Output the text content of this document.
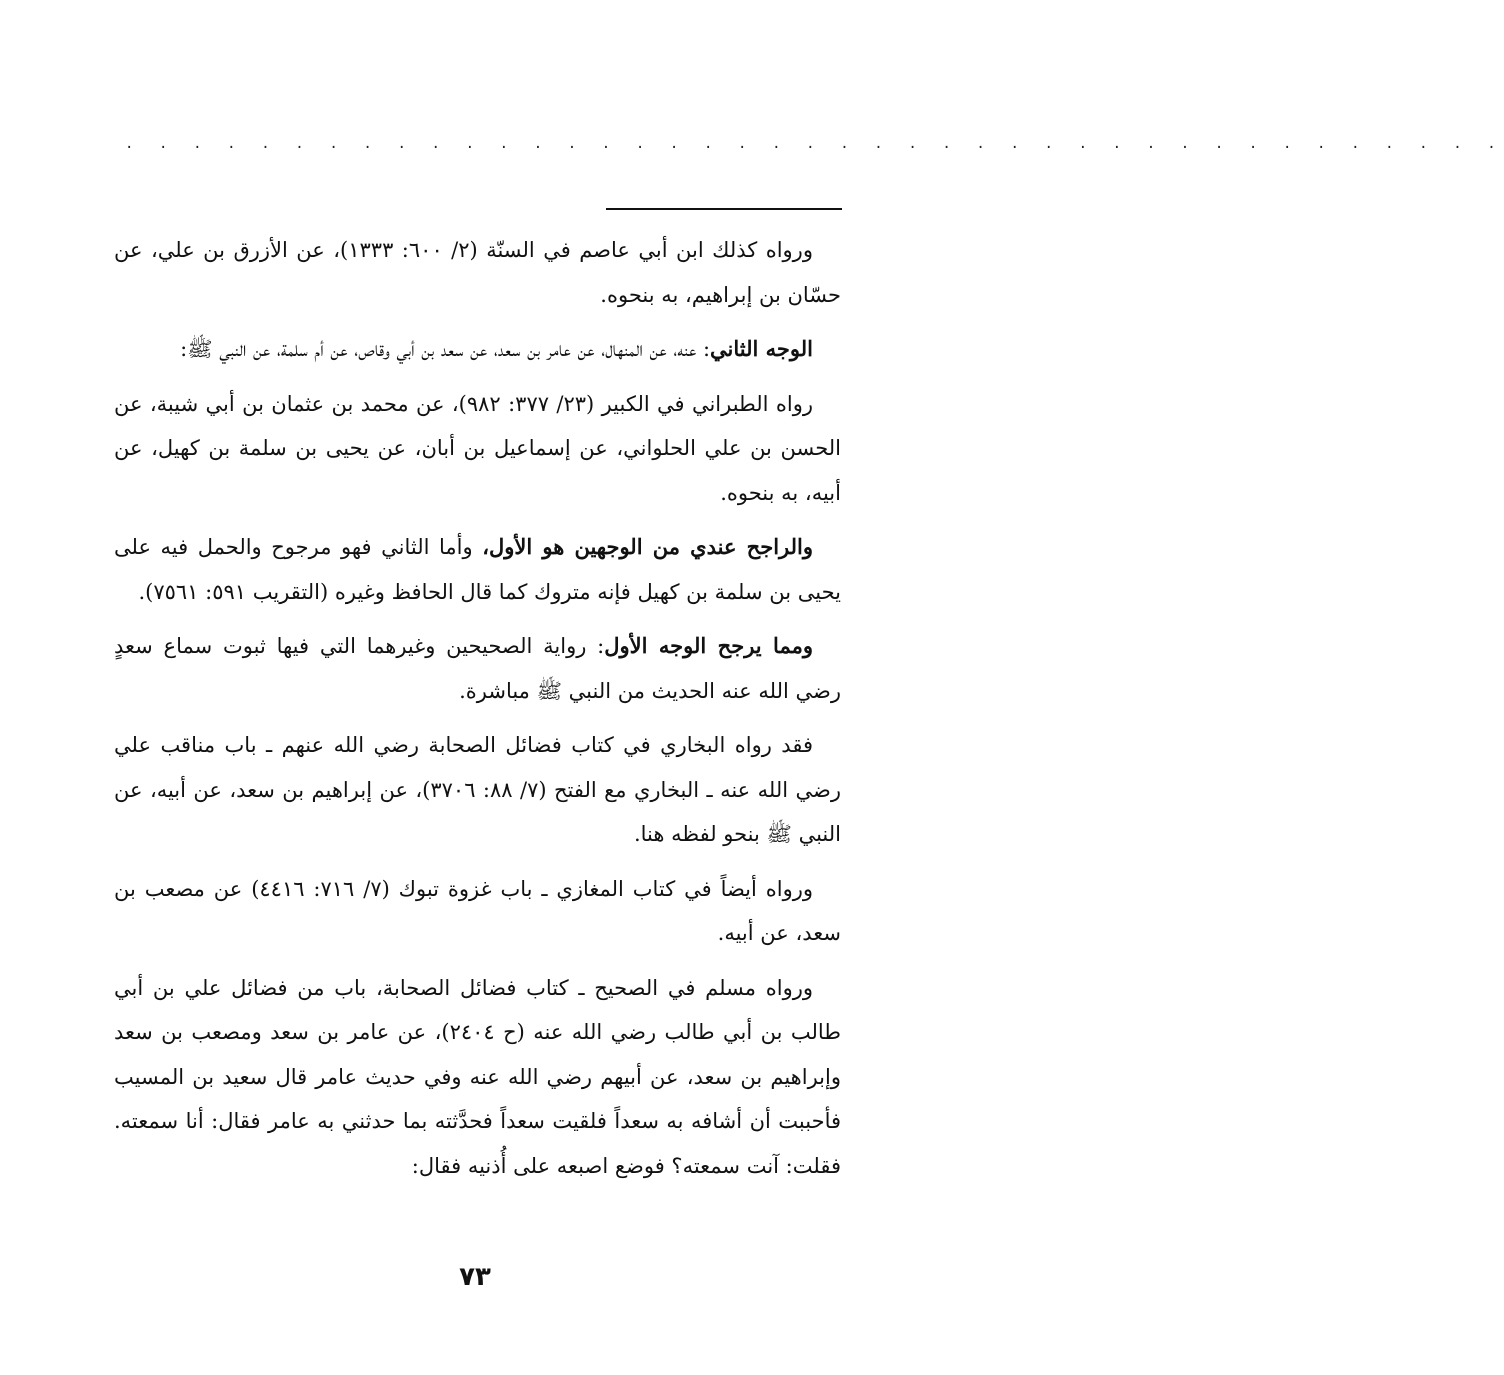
. . . . . . . . . . . . . . . . . . . . . . . . . . . . . . . . . . . . . . . . .

ورواه كذلك ابن أبي عاصم في السنّة (٢/ ٦٠٠: ١٣٣٣)، عن الأزرق بن علي، عن حسّان بن إبراهيم، به بنحوه.

الوجه الثاني: عنه، عن المنهال، عن عامر بن سعد، عن سعد بن أبي وقاص، عن أم سلمة، عن النبي ﷺ:

رواه الطبراني في الكبير (٢٣/ ٣٧٧: ٩٨٢)، عن محمد بن عثمان بن أبي شيبة، عن الحسن بن علي الحلواني، عن إسماعيل بن أبان، عن يحيى بن سلمة بن كهيل، عن أبيه، به بنحوه.

والراجح عندي من الوجهين هو الأول، وأما الثاني فهو مرجوح والحمل فيه على يحيى بن سلمة بن كهيل فإنه متروك كما قال الحافظ وغيره (التقريب ٥٩١: ٧٥٦١).

ومما يرجح الوجه الأول: رواية الصحيحين وغيرهما التي فيها ثبوت سماع سعدٍ رضي الله عنه الحديث من النبي ﷺ مباشرة.

فقد رواه البخاري في كتاب فضائل الصحابة رضي الله عنهم ـ باب مناقب علي رضي الله عنه ـ البخاري مع الفتح (٧/ ٨٨: ٣٧٠٦)، عن إبراهيم بن سعد، عن أبيه، عن النبي ﷺ بنحو لفظه هنا.

ورواه أيضاً في كتاب المغازي ـ باب غزوة تبوك (٧/ ٧١٦: ٤٤١٦) عن مصعب بن سعد، عن أبيه.

ورواه مسلم في الصحيح ـ كتاب فضائل الصحابة، باب من فضائل علي بن أبي طالب بن أبي طالب رضي الله عنه (ح ٢٤٠٤)، عن عامر بن سعد ومصعب بن سعد وإبراهيم بن سعد، عن أبيهم رضي الله عنه وفي حديث عامر قال سعيد بن المسيب فأحببت أن أشافه به سعداً فلقيت سعداً فحدَّثته بما حدثني به عامر فقال: أنا سمعته. فقلت: آنت سمعته؟ فوضع اصبعه على أُذنيه فقال:

٧٣
